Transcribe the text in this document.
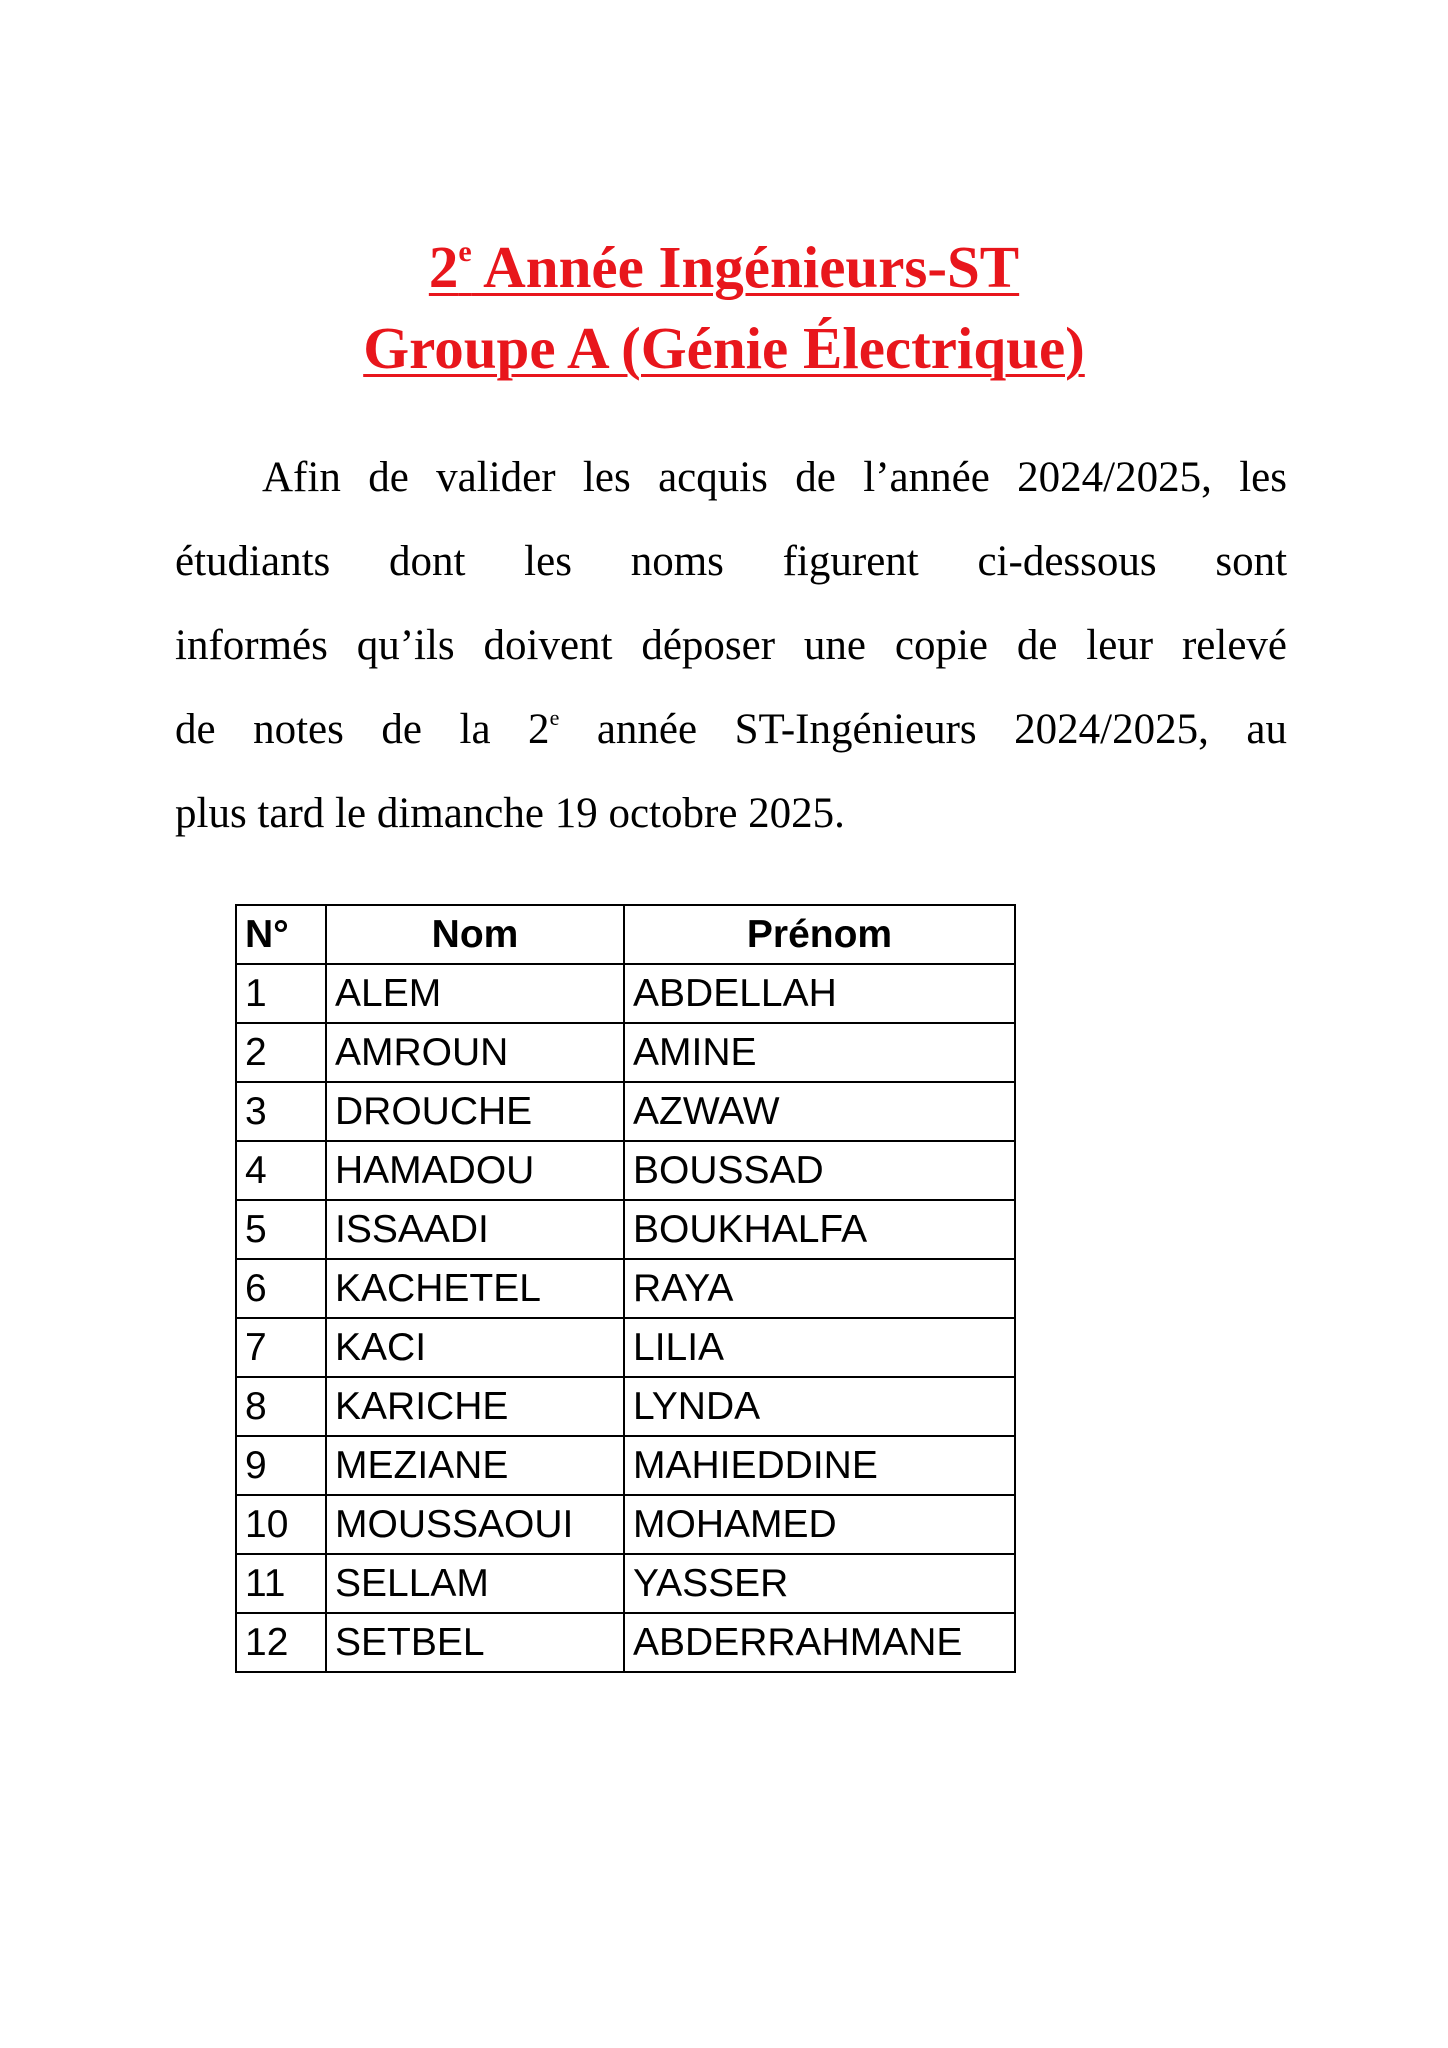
2e Année Ingénieurs-ST
Groupe A (Génie Électrique)
Afin de valider les acquis de l’année 2024/2025, les
étudiants dont les noms figurent ci-dessous sont
informés qu’ils doivent déposer une copie de leur relevé
de notes de la 2e année ST-Ingénieurs 2024/2025, au
plus tard le dimanche 19 octobre 2025.
N°	Nom	Prénom
1	ALEM	ABDELLAH
2	AMROUN	AMINE
3	DROUCHE	AZWAW
4	HAMADOU	BOUSSAD
5	ISSAADI	BOUKHALFA
6	KACHETEL	RAYA
7	KACI	LILIA
8	KARICHE	LYNDA
9	MEZIANE	MAHIEDDINE
10	MOUSSAOUI	MOHAMED
11	SELLAM	YASSER
12	SETBEL	ABDERRAHMANE
